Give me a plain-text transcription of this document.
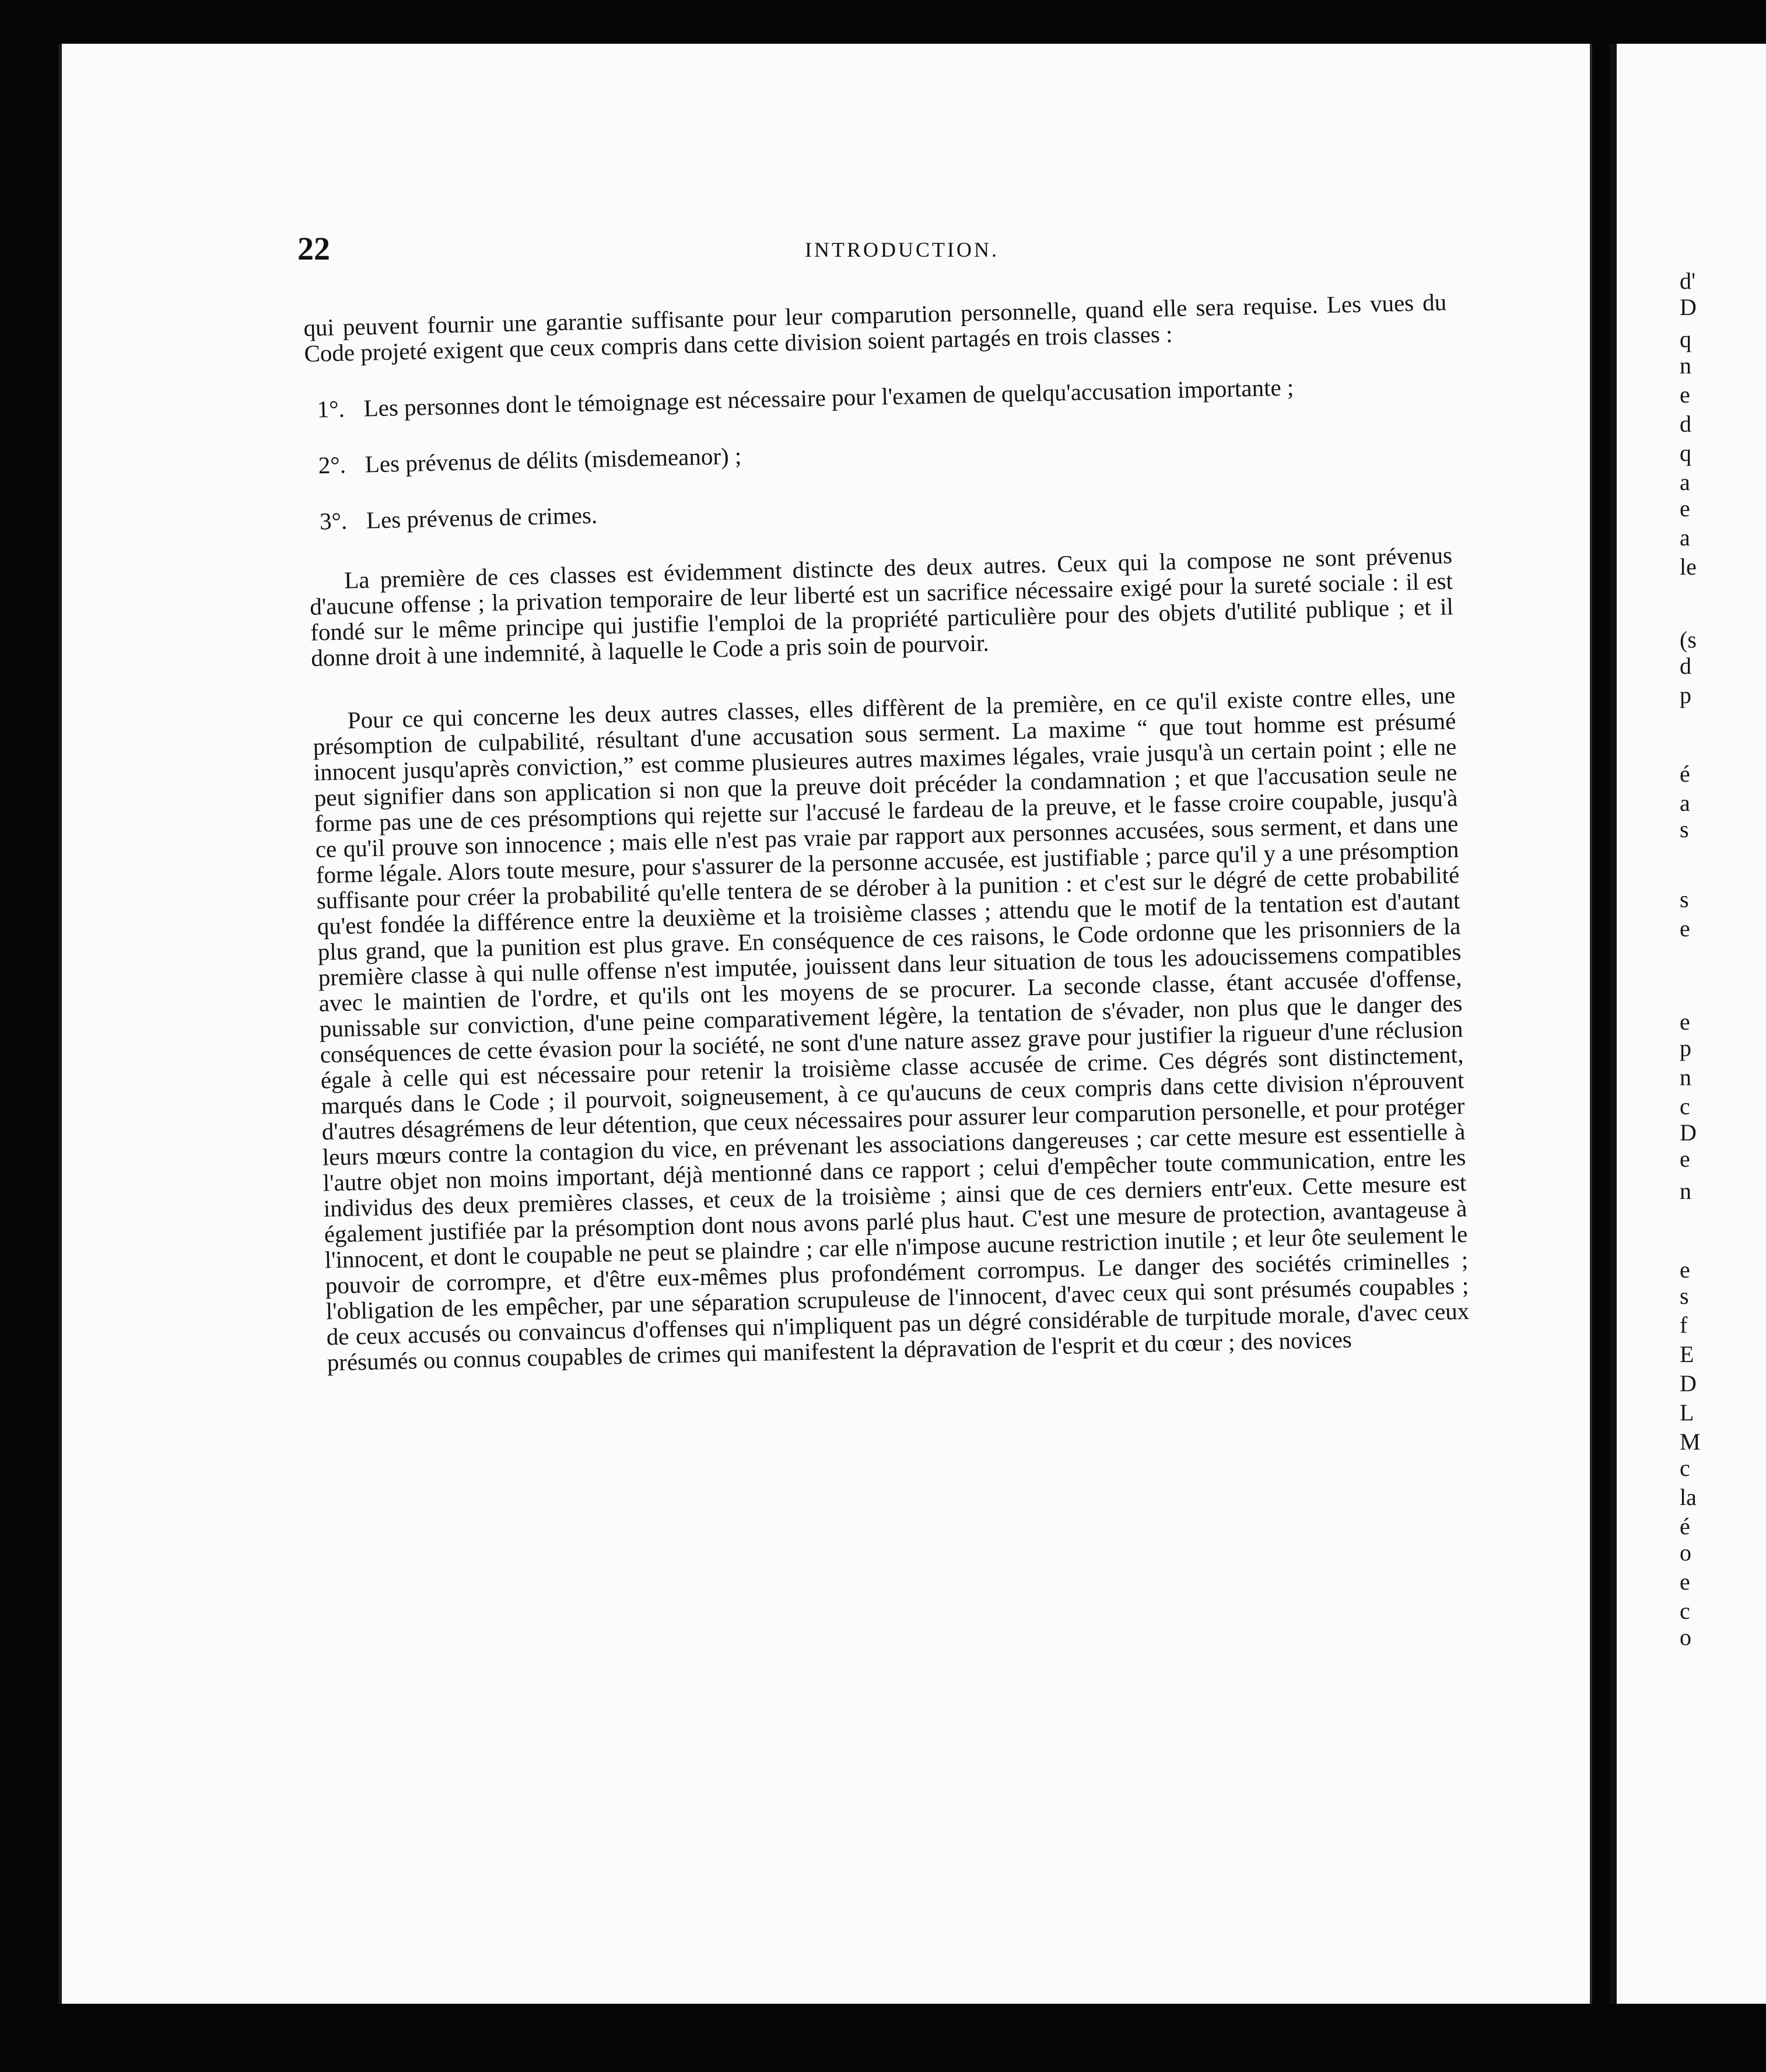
22	INTRODUCTION.

qui peuvent fournir une garantie suffisante pour leur comparution personnelle, quand elle sera requise. Les vues du Code projeté exigent que ceux compris dans cette division soient partagés en trois classes :

1°. Les personnes dont le témoignage est nécessaire pour l'examen de quelqu'accusation importante ;

2°. Les prévenus de délits (misdemeanor) ;

3°. Les prévenus de crimes.

La première de ces classes est évidemment distincte des deux autres. Ceux qui la compose ne sont prévenus d'aucune offense ; la privation temporaire de leur liberté est un sacrifice nécessaire exigé pour la sureté sociale : il est fondé sur le même principe qui justifie l'emploi de la propriété particulière pour des objets d'utilité publique ; et il donne droit à une indemnité, à laquelle le Code a pris soin de pourvoir.

Pour ce qui concerne les deux autres classes, elles diffèrent de la première, en ce qu'il existe contre elles, une présomption de culpabilité, résultant d'une accusation sous serment. La maxime “ que tout homme est présumé innocent jusqu'après conviction,” est comme plusieures autres maximes légales, vraie jusqu'à un certain point ; elle ne peut signifier dans son application si non que la preuve doit précéder la condamnation ; et que l'accusation seule ne forme pas une de ces présomptions qui rejette sur l'accusé le fardeau de la preuve, et le fasse croire coupable, jusqu'à ce qu'il prouve son innocence ; mais elle n'est pas vraie par rapport aux personnes accusées, sous serment, et dans une forme légale. Alors toute mesure, pour s'assurer de la personne accusée, est justifiable ; parce qu'il y a une présomption suffisante pour créer la probabilité qu'elle tentera de se dérober à la punition : et c'est sur le dégré de cette probabilité qu'est fondée la différence entre la deuxième et la troisième classes ; attendu que le motif de la tentation est d'autant plus grand, que la punition est plus grave. En conséquence de ces raisons, le Code ordonne que les prisonniers de la première classe à qui nulle offense n'est imputée, jouissent dans leur situation de tous les adoucissemens compatibles avec le maintien de l'ordre, et qu'ils ont les moyens de se procurer. La seconde classe, étant accusée d'offense, punissable sur conviction, d'une peine comparativement légère, la tentation de s'évader, non plus que le danger des conséquences de cette évasion pour la société, ne sont d'une nature assez grave pour justifier la rigueur d'une réclusion égale à celle qui est nécessaire pour retenir la troisième classe accusée de crime. Ces dégrés sont distinctement, marqués dans le Code ; il pourvoit, soigneusement, à ce qu'aucuns de ceux compris dans cette division n'éprouvent d'autres désagrémens de leur détention, que ceux nécessaires pour assurer leur comparution personelle, et pour protéger leurs mœurs contre la contagion du vice, en prévenant les associations dangereuses ; car cette mesure est essentielle à l'autre objet non moins important, déjà mentionné dans ce rapport ; celui d'empêcher toute communication, entre les individus des deux premières classes, et ceux de la troisième ; ainsi que de ces derniers entr'eux. Cette mesure est également justifiée par la présomption dont nous avons parlé plus haut. C'est une mesure de protection, avantageuse à l'innocent, et dont le coupable ne peut se plaindre ; car elle n'impose aucune restriction inutile ; et leur ôte seulement le pouvoir de corrompre, et d'être eux-mêmes plus profondément corrompus. Le danger des sociétés criminelles ; l'obligation de les empêcher, par une séparation scrupuleuse de l'innocent, d'avec ceux qui sont présumés coupables ; de ceux accusés ou convaincus d'offenses qui n'impliquent pas un dégré considérable de turpitude morale, d'avec ceux présumés ou connus coupables de crimes qui manifestent la dépravation de l'esprit et du cœur ; des novices

d'
D
q
n
e
d
q
a
e
a
le
(s
d
p
é
a
s
s
e
e
p
n
c
D
e
n
e
s
f
E
D
L
M
c
la
é
o
e
c
o
